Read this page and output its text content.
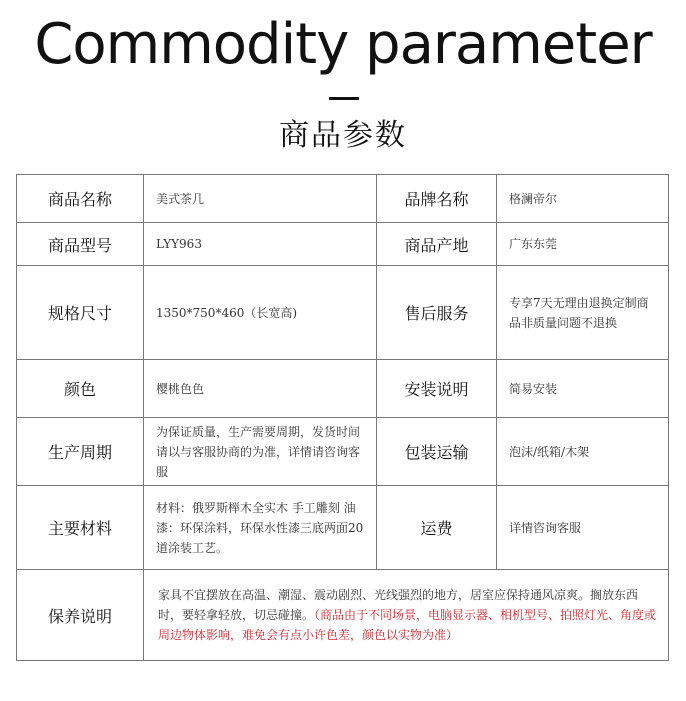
Commodity parameter
商品参数
商品名称	美式茶几	品牌名称	格澜帝尔
商品型号	LYY963	商品产地	广东东莞
规格尺寸	1350*750*460（长宽高)	售后服务	专享7天无理由退换定制商品非质量问题不退换
颜色	樱桃色色	安装说明	简易安装
生产周期	为保证质量，生产需要周期，发货时间请以与客服协商的为准，详情请咨询客服	包装运输	泡沫/纸箱/木架
主要材料	材料：俄罗斯榉木全实木 手工雕刻 油漆：环保涂料，环保水性漆三底两面20道涂装工艺。	运费	详情咨询客服
保养说明	家具不宜摆放在高温、潮湿、震动剧烈、光线强烈的地方，居室应保持通风凉爽。搁放东西时，要轻拿轻放，切忌碰撞。（商品由于不同场景，电脑显示器、相机型号、拍照灯光、角度或周边物体影响，难免会有点小许色差，颜色以实物为准）		
